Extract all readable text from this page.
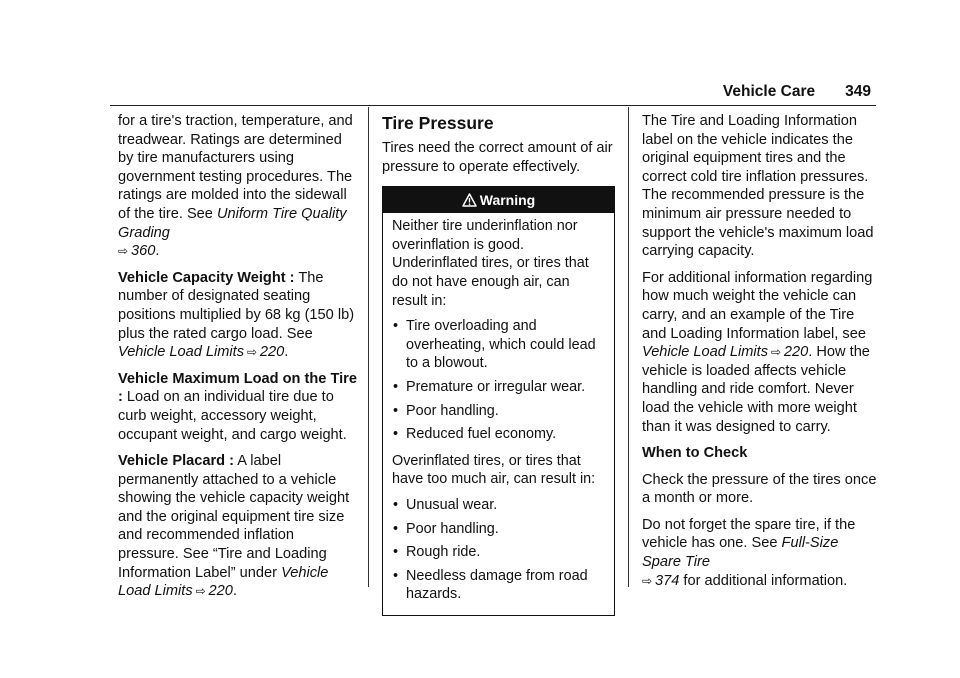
Vehicle Care 349

for a tire's traction, temperature, and treadwear. Ratings are determined by tire manufacturers using government testing procedures. The ratings are molded into the sidewall of the tire. See Uniform Tire Quality Grading
⇨  360.

Vehicle Capacity Weight : The number of designated seating positions multiplied by 68 kg (150 lb) plus the rated cargo load. See Vehicle Load Limits  ⇨  220.

Vehicle Maximum Load on the Tire : Load on an individual tire due to curb weight, accessory weight, occupant weight, and cargo weight.

Vehicle Placard : A label permanently attached to a vehicle showing the vehicle capacity weight and the original equipment tire size and recommended inflation pressure. See “Tire and Loading Information Label” under Vehicle Load Limits  ⇨  220.

Tire Pressure

Tires need the correct amount of air pressure to operate effectively.

Warning

Neither tire underinflation nor overinflation is good. Underinflated tires, or tires that do not have enough air, can result in:

• Tire overloading and overheating, which could lead to a blowout.
• Premature or irregular wear.
• Poor handling.
• Reduced fuel economy.

Overinflated tires, or tires that have too much air, can result in:

• Unusual wear.
• Poor handling.
• Rough ride.
• Needless damage from road hazards.

The Tire and Loading Information label on the vehicle indicates the original equipment tires and the correct cold tire inflation pressures. The recommended pressure is the minimum air pressure needed to support the vehicle's maximum load carrying capacity.

For additional information regarding how much weight the vehicle can carry, and an example of the Tire and Loading Information label, see Vehicle Load Limits  ⇨  220. How the vehicle is loaded affects vehicle handling and ride comfort. Never load the vehicle with more weight than it was designed to carry.

When to Check

Check the pressure of the tires once a month or more.

Do not forget the spare tire, if the vehicle has one. See Full-Size Spare Tire
⇨  374 for additional information.
